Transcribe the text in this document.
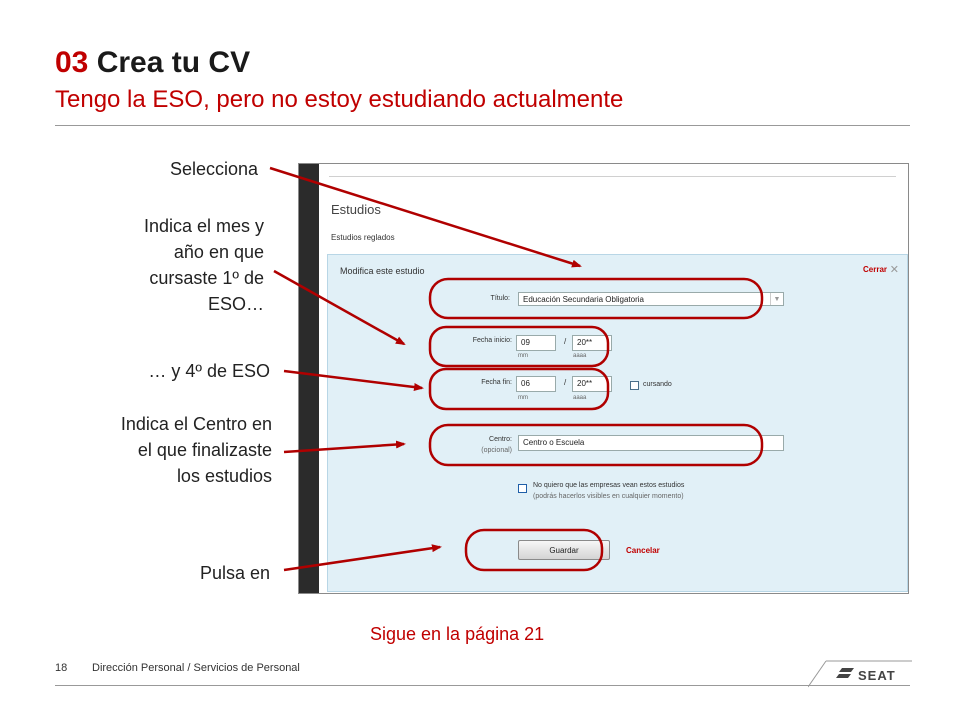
03 Crea tu CV
Tengo la ESO, pero no estoy estudiando actualmente
Selecciona
Indica el mes y
año en que
cursaste 1º de
ESO…
… y 4º de ESO
Indica el Centro en
el que finalizaste
los estudios
Pulsa en
Estudios
Estudios reglados
Modifica este estudio	Cerrar ✕
Título:	Educación Secundaria Obligatoria	▼
Fecha inicio:	09	/	20**
mm	aaaa
Fecha fin:	06	/	20**
mm	aaaa
cursando
Centro:
(opcional)
Centro o Escuela
No quiero que las empresas vean estos estudios
(podrás hacerlos visibles en cualquier momento)
Guardar	Cancelar
Sigue en la página 21
18 Dirección Personal / Servicios de Personal	SEAT
